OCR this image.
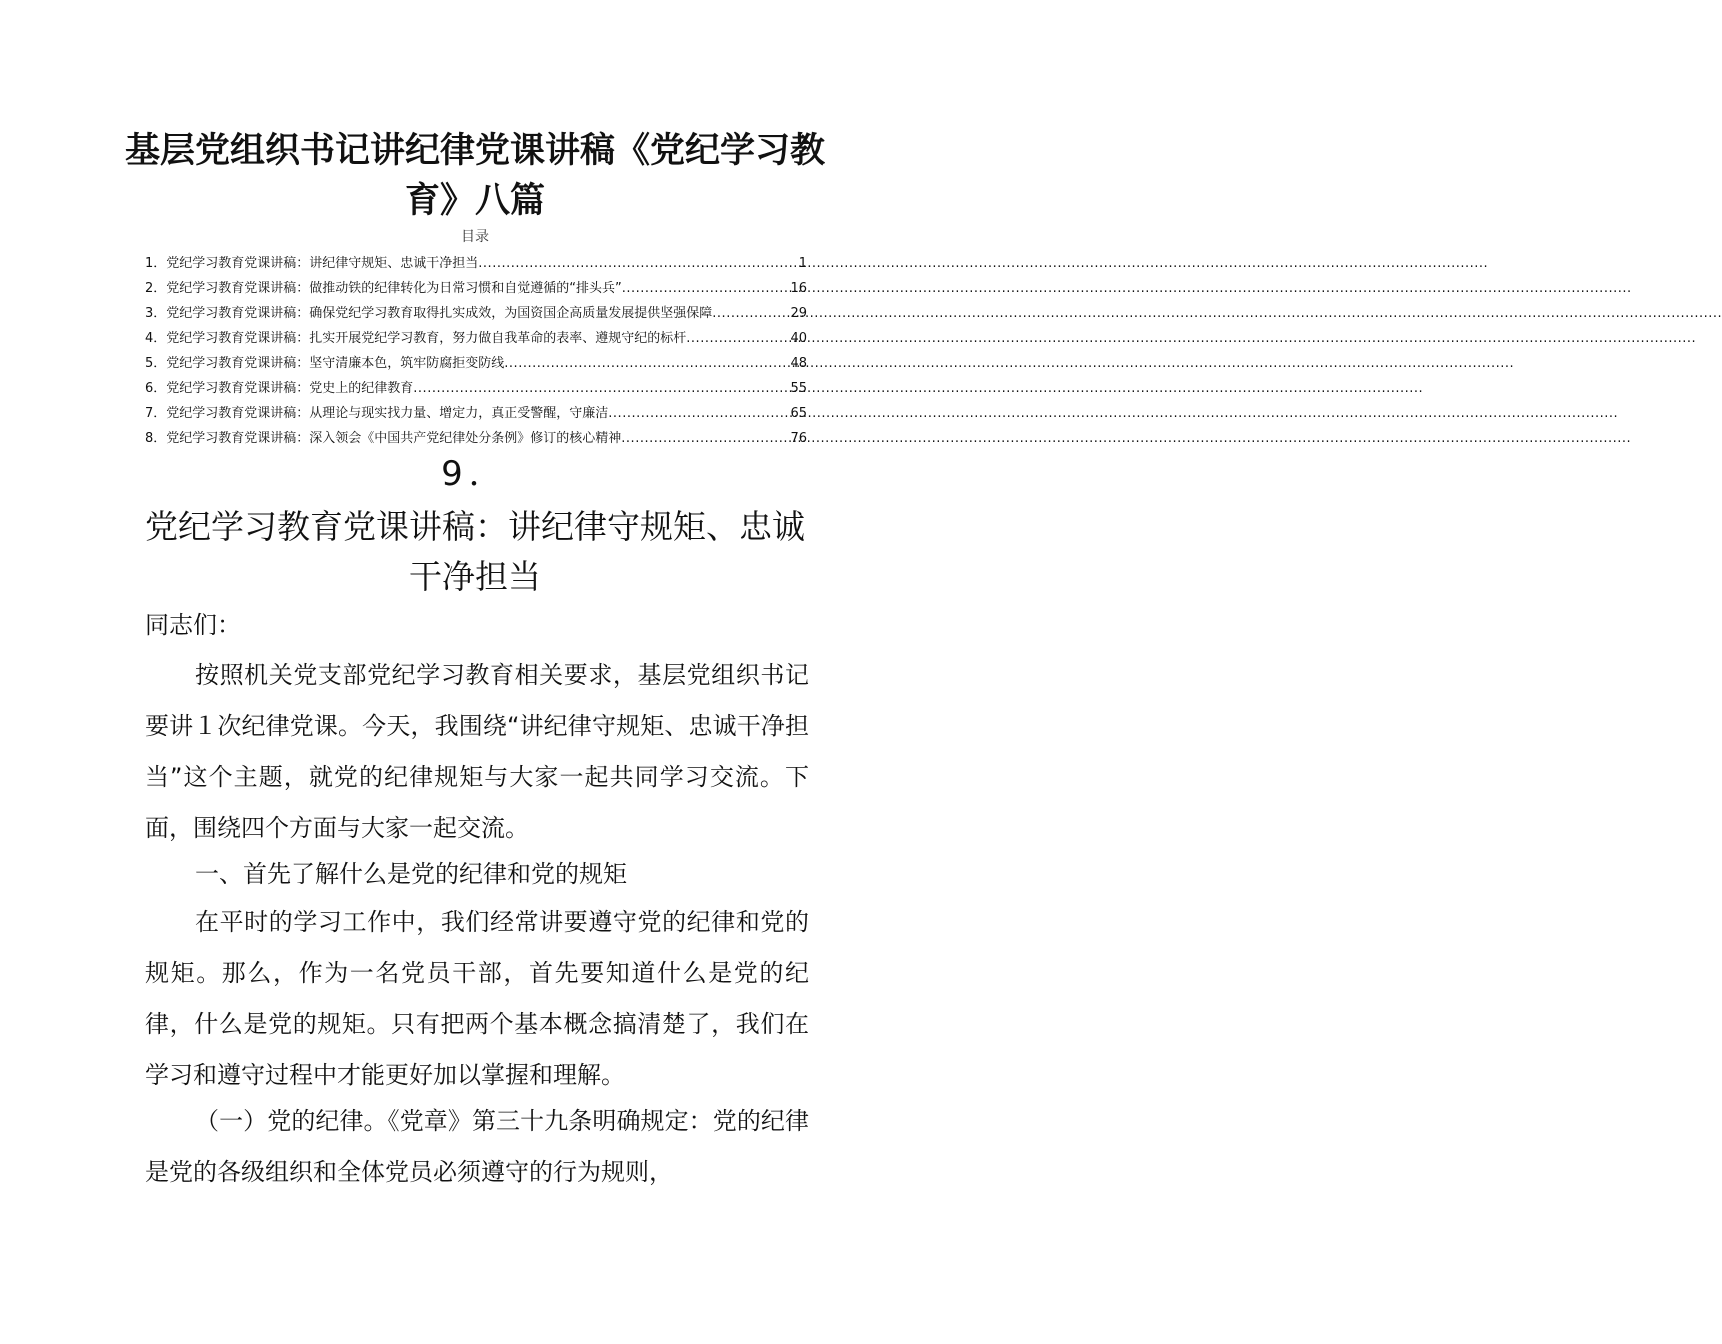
基层党组织书记讲纪律党课讲稿《党纪学习教育》八篇
目录
1． 党纪学习教育党课讲稿：讲纪律守规矩、忠诚干净担当 .....	1
2． 党纪学习教育党课讲稿：做推动铁的纪律转化为日常习惯和自觉遵循的“排头兵” .....	16
3． 党纪学习教育党课讲稿：确保党纪学习教育取得扎实成效，为国资国企高质量发展提供坚强保障 .....	29
4． 党纪学习教育党课讲稿：扎实开展党纪学习教育，努力做自我革命的表率、遵规守纪的标杆 .....	40
5． 党纪学习教育党课讲稿：坚守清廉本色，筑牢防腐拒变防线 .....	48
6． 党纪学习教育党课讲稿：党史上的纪律教育 .....	55
7． 党纪学习教育党课讲稿：从理论与现实找力量、增定力，真正受警醒，守廉洁 .....	65
8． 党纪学习教育党课讲稿：深入领会《中国共产党纪律处分条例》修订的核心精神 .....	76
9．
党纪学习教育党课讲稿：讲纪律守规矩、忠诚干净担当

同志们：

按照机关党支部党纪学习教育相关要求，基层党组织书记要讲１次纪律党课。今天，我围绕“讲纪律守规矩、忠诚干净担当”这个主题，就党的纪律规矩与大家一起共同学习交流。下面，围绕四个方面与大家一起交流。

一、首先了解什么是党的纪律和党的规矩

在平时的学习工作中，我们经常讲要遵守党的纪律和党的规矩。那么，作为一名党员干部，首先要知道什么是党的纪律，什么是党的规矩。只有把两个基本概念搞清楚了，我们在学习和遵守过程中才能更好加以掌握和理解。

（一）党的纪律。《党章》第三十九条明确规定：党的纪律是党的各级组织和全体党员必须遵守的行为规则，
